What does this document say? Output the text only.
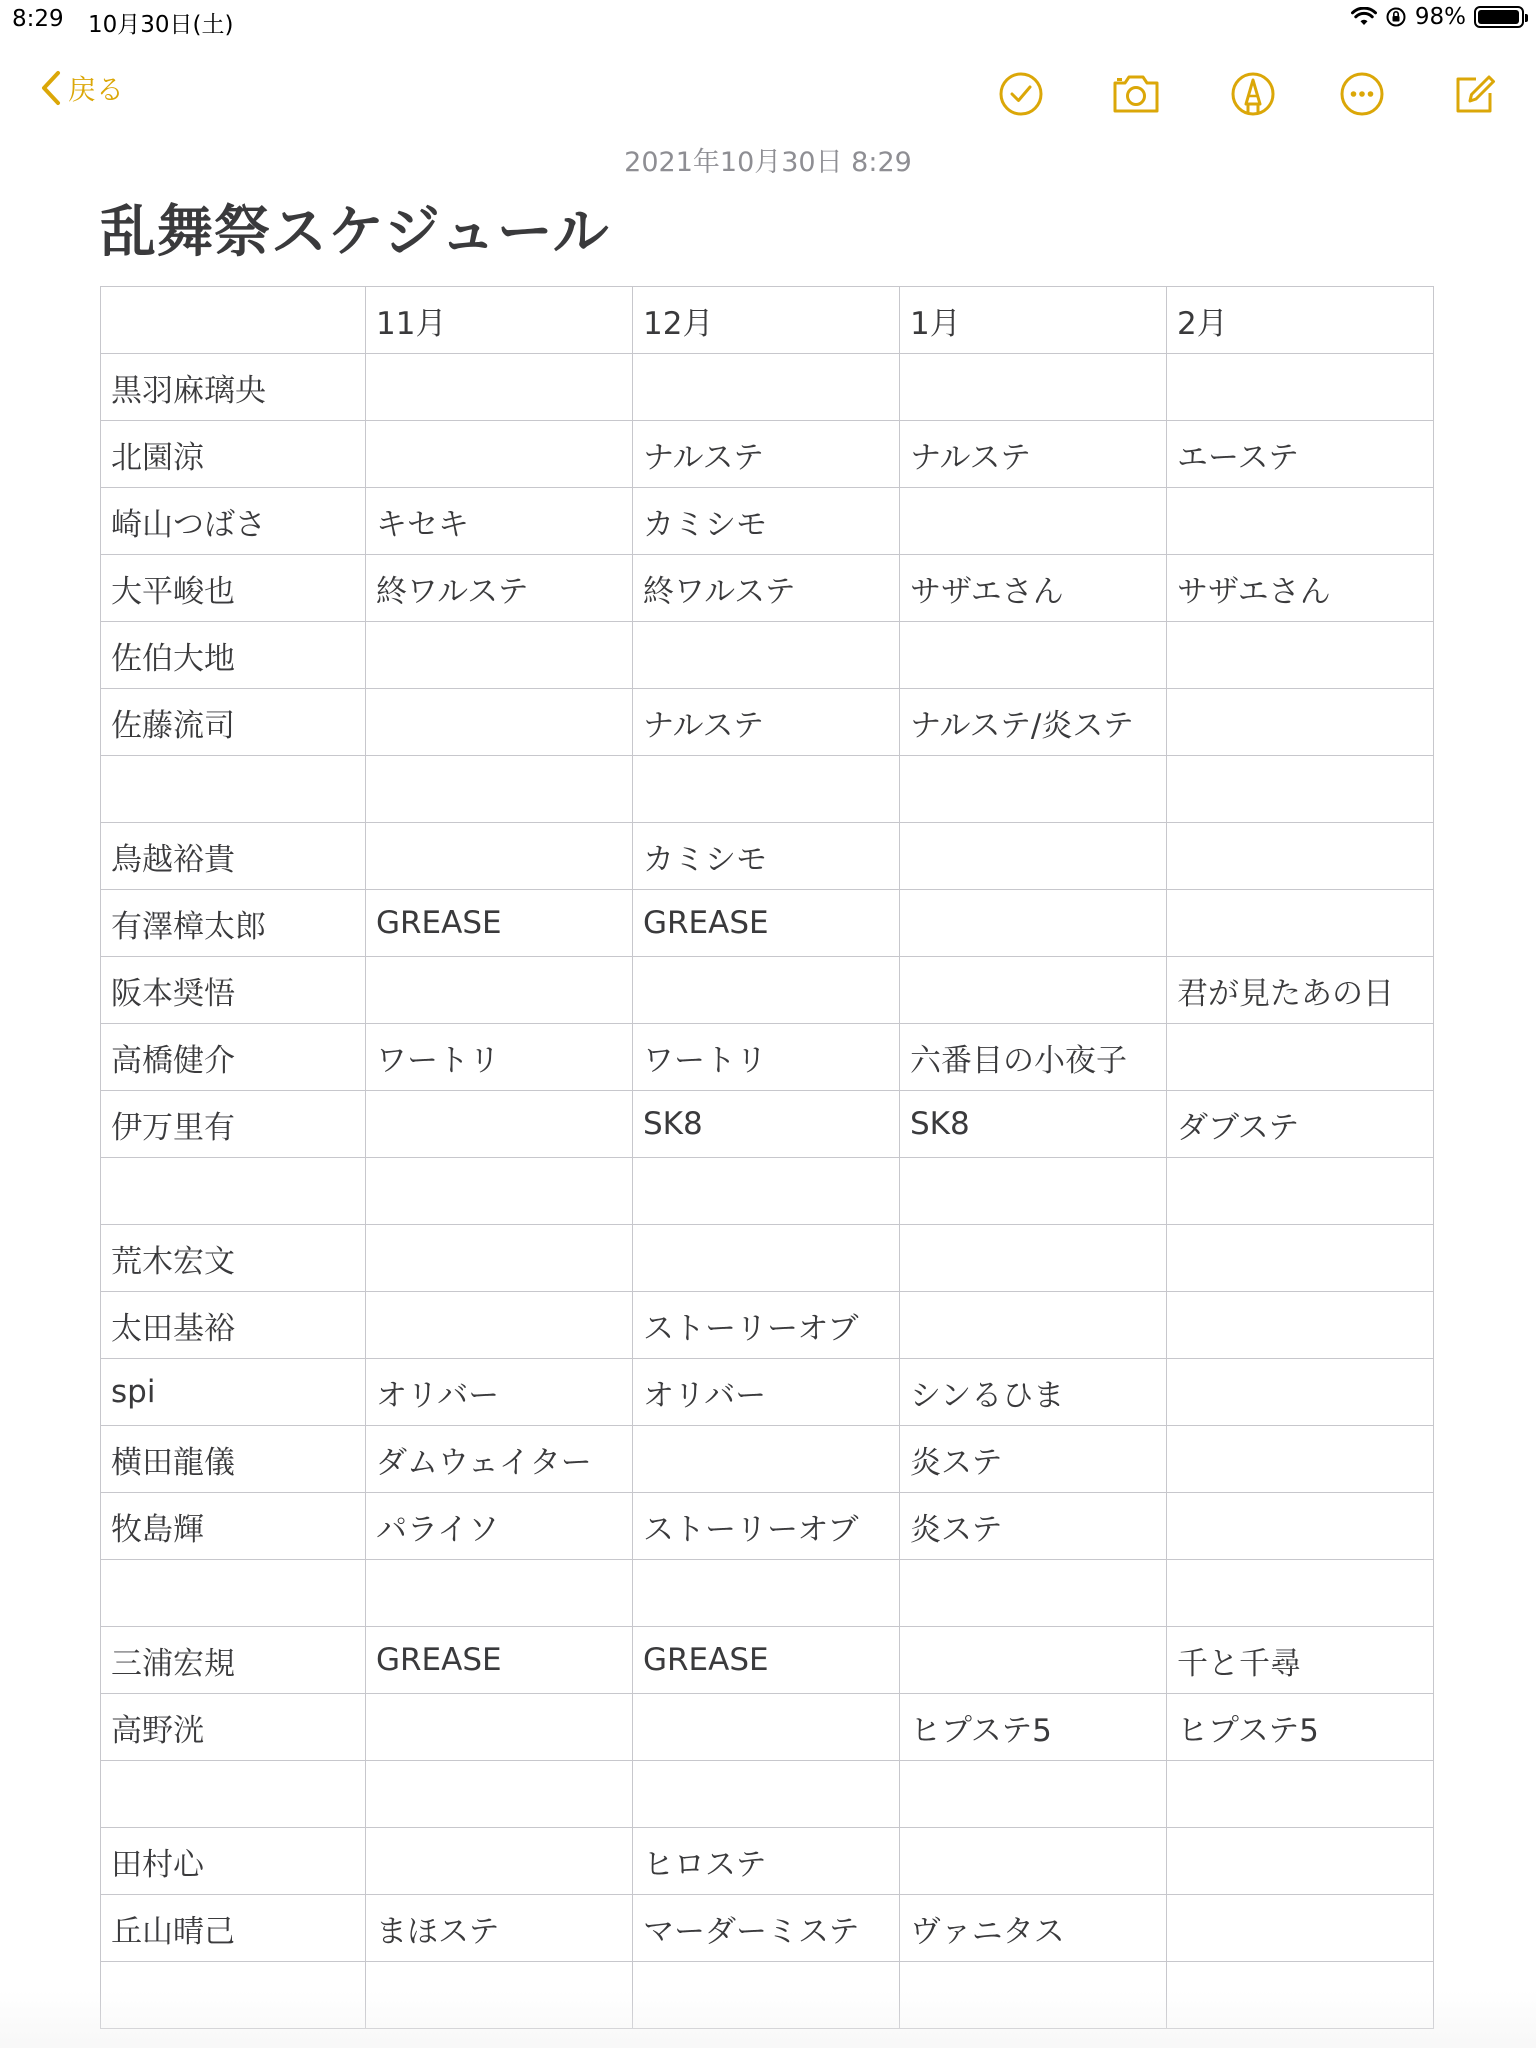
8:29 10月30日(土)	98%
戻る
2021年10月30日 8:29
乱舞祭スケジュール
	11月	12月	1月	2月
黒羽麻璃央				
北園涼		ナルステ	ナルステ	エーステ
崎山つばさ	キセキ	カミシモ		
大平峻也	終ワルステ	終ワルステ	サザエさん	サザエさん
佐伯大地				
佐藤流司		ナルステ	ナルステ/炎ステ	

鳥越裕貴		カミシモ		
有澤樟太郎	GREASE	GREASE		
阪本奨悟				君が見たあの日
高橋健介	ワートリ	ワートリ	六番目の小夜子	
伊万里有		SK8	SK8	ダブステ

荒木宏文				
太田基裕		ストーリーオブ		
spi	オリバー	オリバー	シンるひま	
横田龍儀	ダムウェイター		炎ステ	
牧島輝	パライソ	ストーリーオブ	炎ステ	

三浦宏規	GREASE	GREASE		千と千尋
高野洸			ヒプステ5	ヒプステ5

田村心		ヒロステ		
丘山晴己	まほステ	マーダーミステ	ヴァニタス	
